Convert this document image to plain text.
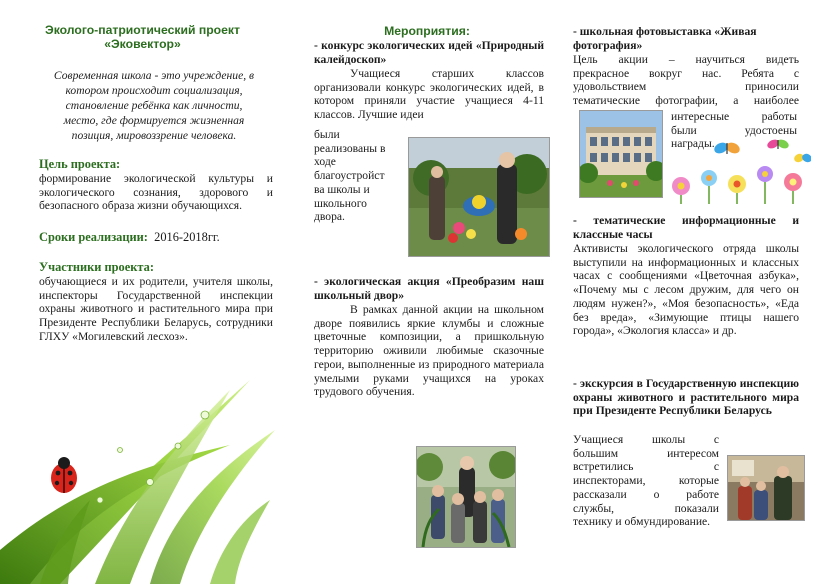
Эколого-патриотический проект
«Эковектор»
Современная школа - это учреждение, в
котором происходит социализация,
становление ребёнка как личности,
место, где формируется жизненная
позиция, мировоззрение человека.
Цель проекта:
формирование экологической культуры и экологического сознания, здорового и безопасного образа жизни обучающихся.
Сроки реализации: 2016-2018гг.
Участники проекта:
обучающиеся и их родители, учителя школы, инспекторы Государственной инспекции охраны животного и растительного мира при Президенте Республики Беларусь, сотрудники ГЛХУ «Могилевский лесхоз».
Мероприятия:
- конкурс экологических идей «Природный калейдоскоп»
Учащиеся старших классов организовали конкурс экологических идей, в котором приняли участие учащиеся 4-11 классов. Лучшие идеи
были
реализованы в
ходе
благоустройст
ва школы и
школьного
двора.
- экологическая акция «Преобразим наш школьный двор»
В рамках данной акции на школьном дворе появились яркие клумбы и сложные цветочные композиции, а пришкольную территорию оживили любимые сказочные герои, выполненные из природного материала умелыми руками учащихся на уроках трудового обучения.
- школьная фотовыставка «Живая фотография»
Цель акции – научиться видеть
прекрасное вокруг нас. Ребята с
удовольствием приносили
тематические фотографии, а наиболее
интересные работы
были удостоены
награды.
- тематические информационные и классные часы
Активисты экологического отряда школы выступили на информационных и классных часах с сообщениями «Цветочная азбука», «Почему мы с лесом дружим, для чего он людям нужен?», «Моя безопасность», «Еда без вреда», «Зимующие птицы нашего города», «Экология класса» и др.
- экскурсия в Государственную инспекцию охраны животного и растительного мира при Президенте Республики Беларусь
Учащиеся школы с
большим интересом
встретились с
инспекторами, которые
рассказали о работе
службы, показали
технику и обмундирование.
